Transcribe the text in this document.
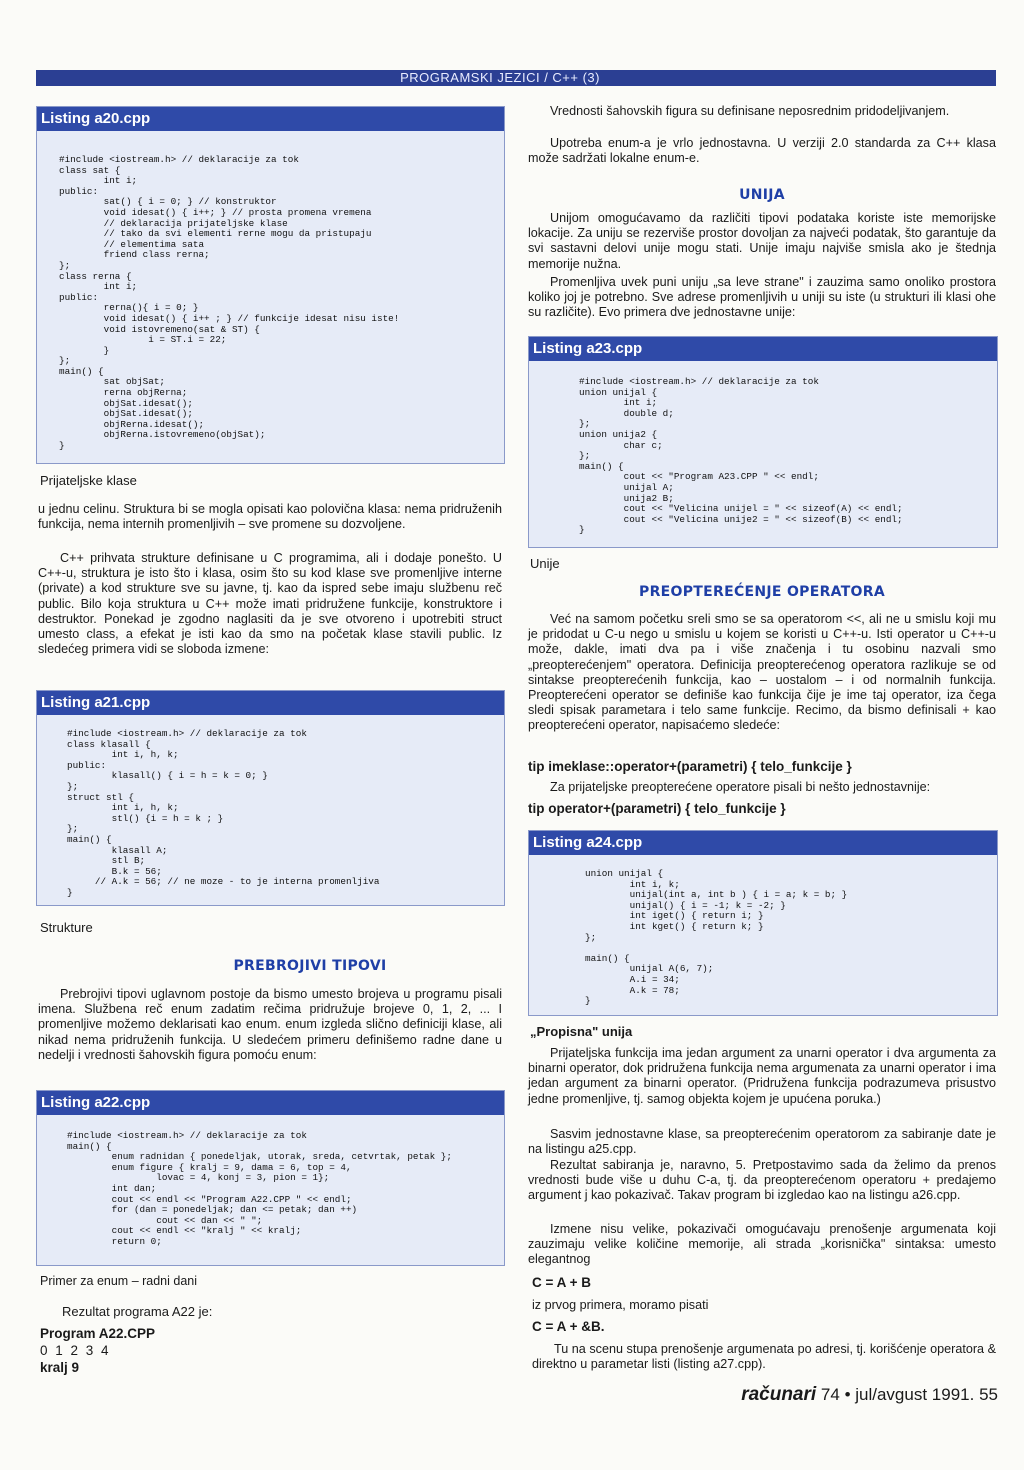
PROGRAMSKI JEZICI / C++ (3)
Listing a20.cpp
#include <iostream.h> // deklaracije za tok
class sat {
int i;
public:
sat() { i = 0; } // konstruktor
void idesat() { i++; } // prosta promena vremena
// deklaracija prijateljske klase
// tako da svi elementi rerne mogu da pristupaju
// elementima sata
friend class rerna;
};
class rerna {
int i;
public:
rerna(){ i = 0; }
void idesat() { i++ ; } // funkcije idesat nisu iste!
void istovremeno(sat & ST) {
i = ST.i = 22;
}
};
main() {
sat objSat;
rerna objRerna;
objSat.idesat();
objSat.idesat();
objRerna.idesat();
objRerna.istovremeno(objSat);
}
Prijateljske klase

u jednu celinu. Struktura bi se mogla opisati kao polovična klasa: nema pridruženih funkcija, nema internih promenljivih – sve promene su dozvoljene.

C++ prihvata strukture definisane u C programima, ali i dodaje ponešto. U C++-u, struktura je isto što i klasa, osim što su kod klase sve promenljive interne (private) a kod strukture sve su javne, tj. kao da ispred sebe imaju službenu reč public. Bilo koja struktura u C++ može imati pridružene funkcije, konstruktore i destruktor. Ponekad je zgodno naglasiti da je sve otvoreno i upotrebiti struct umesto class, a efekat je isti kao da smo na početak klase stavili public. Iz sledećeg primera vidi se sloboda izmene:

Listing a21.cpp
#include <iostream.h> // deklaracije za tok
class klasall {
int i, h, k;
public:
klasall() { i = h = k = 0; }
};
struct stl {
int i, h, k;
stl() {i = h = k ; }
};
main() {
klasall A;
stl B;
B.k = 56;
// A.k = 56; // ne moze - to je interna promenljiva
}
Strukture
PREBROJIVI TIPOVI

Prebrojivi tipovi uglavnom postoje da bismo umesto brojeva u programu pisali imena. Službena reč enum zadatim rečima pridružuje brojeve 0, 1, 2, ... I promenljive možemo deklarisati kao enum. enum izgleda slično definiciji klase, ali nikad nema pridruženih funkcija. U sledećem primeru definišemo radne dane u nedelji i vrednosti šahovskih figura pomoću enum:

Listing a22.cpp
#include <iostream.h> // deklaracije za tok
main() {
enum radnidan { ponedeljak, utorak, sreda, cetvrtak, petak };
enum figure { kralj = 9, dama = 6, top = 4,
lovac = 4, konj = 3, pion = 1};
int dan;
cout << endl << "Program A22.CPP " << endl;
for (dan = ponedeljak; dan <= petak; dan ++)
cout << dan << " ";
cout << endl << "kralj " << kralj;
return 0;
Primer za enum – radni dani
Rezultat programa A22 je:
Program A22.CPP
0 1 2 3 4
kralj 9

Vrednosti šahovskih figura su definisane neposrednim pridodeljivanjem.

Upotreba enum-a je vrlo jednostavna. U verziji 2.0 standarda za C++ klasa može sadržati lokalne enum-e.

UNIJA

Unijom omogućavamo da različiti tipovi podataka koriste iste memorijske lokacije. Za uniju se rezerviše prostor dovoljan za najveći podatak, što garantuje da svi sastavni delovi unije mogu stati. Unije imaju najviše smisla ako je štednja memorije nužna.

Promenljiva uvek puni uniju „sa leve strane" i zauzima samo onoliko prostora koliko joj je potrebno. Sve adrese promenljivih u uniji su iste (u strukturi ili klasi ohe su različite). Evo primera dve jednostavne unije:

Listing a23.cpp
#include <iostream.h> // deklaracije za tok
union unijal {
int i;
double d;
};
union unija2 {
char c;
};
main() {
cout << "Program A23.CPP " << endl;
unijal A;
unija2 B;
cout << "Velicina unijel = " << sizeof(A) << endl;
cout << "Velicina unije2 = " << sizeof(B) << endl;
}
Unije
PREOPTEREĆENJE OPERATORA

Već na samom početku sreli smo se sa operatorom <<, ali ne u smislu koji mu je pridodat u C-u nego u smislu u kojem se koristi u C++-u. Isti operator u C++-u može, dakle, imati dva pa i više značenja i tu osobinu nazvali smo „preopterećenjem" operatora. Definicija preopterećenog operatora razlikuje se od sintakse preopterećenih funkcija, kao – uostalom – i od normalnih funkcija. Preopterećeni operator se definiše kao funkcija čije je ime taj operator, iza čega sledi spisak parametara i telo same funkcije. Recimo, da bismo definisali + kao preopterećeni operator, napisaćemo sledeće:

tip imeklase::operator+(parametri) { telo_funkcije }

Za prijateljske preopterećene operatore pisali bi nešto jednostavnije:

tip operator+(parametri) { telo_funkcije }
Listing a24.cpp
union unijal {
int i, k;
unijal(int a, int b ) { i = a; k = b; }
unijal() { i = -1; k = -2; }
int iget() { return i; }
int kget() { return k; }
};

main() {
unijal A(6, 7);
A.i = 34;
A.k = 78;
}
„Propisna" unija

Prijateljska funkcija ima jedan argument za unarni operator i dva argumenta za binarni operator, dok pridružena funkcija nema argumenata za unarni operator i ima jedan argument za binarni operator. (Pridružena funkcija podrazumeva prisustvo jedne promenljive, tj. samog objekta kojem je upućena poruka.)

Sasvim jednostavne klase, sa preopterećenim operatorom za sabiranje date je na listingu a25.cpp.

Rezultat sabiranja je, naravno, 5. Pretpostavimo sada da želimo da prenos vrednosti bude više u duhu C-a, tj. da preopterećenom operatoru + predajemo argument j kao pokazivač. Takav program bi izgledao kao na listingu a26.cpp.

Izmene nisu velike, pokazivači omogućavaju prenošenje argumenata koji zauzimaju velike količine memorije, ali strada „korisnička" sintaksa: umesto elegantnog

C = A + B

iz prvog primera, moramo pisati

C = A + &B.

Tu na scenu stupa prenošenje argumenata po adresi, tj. korišćenje operatora & direktno u parametar listi (listing a27.cpp).

računari 74 • jul/avgust 1991. 55
